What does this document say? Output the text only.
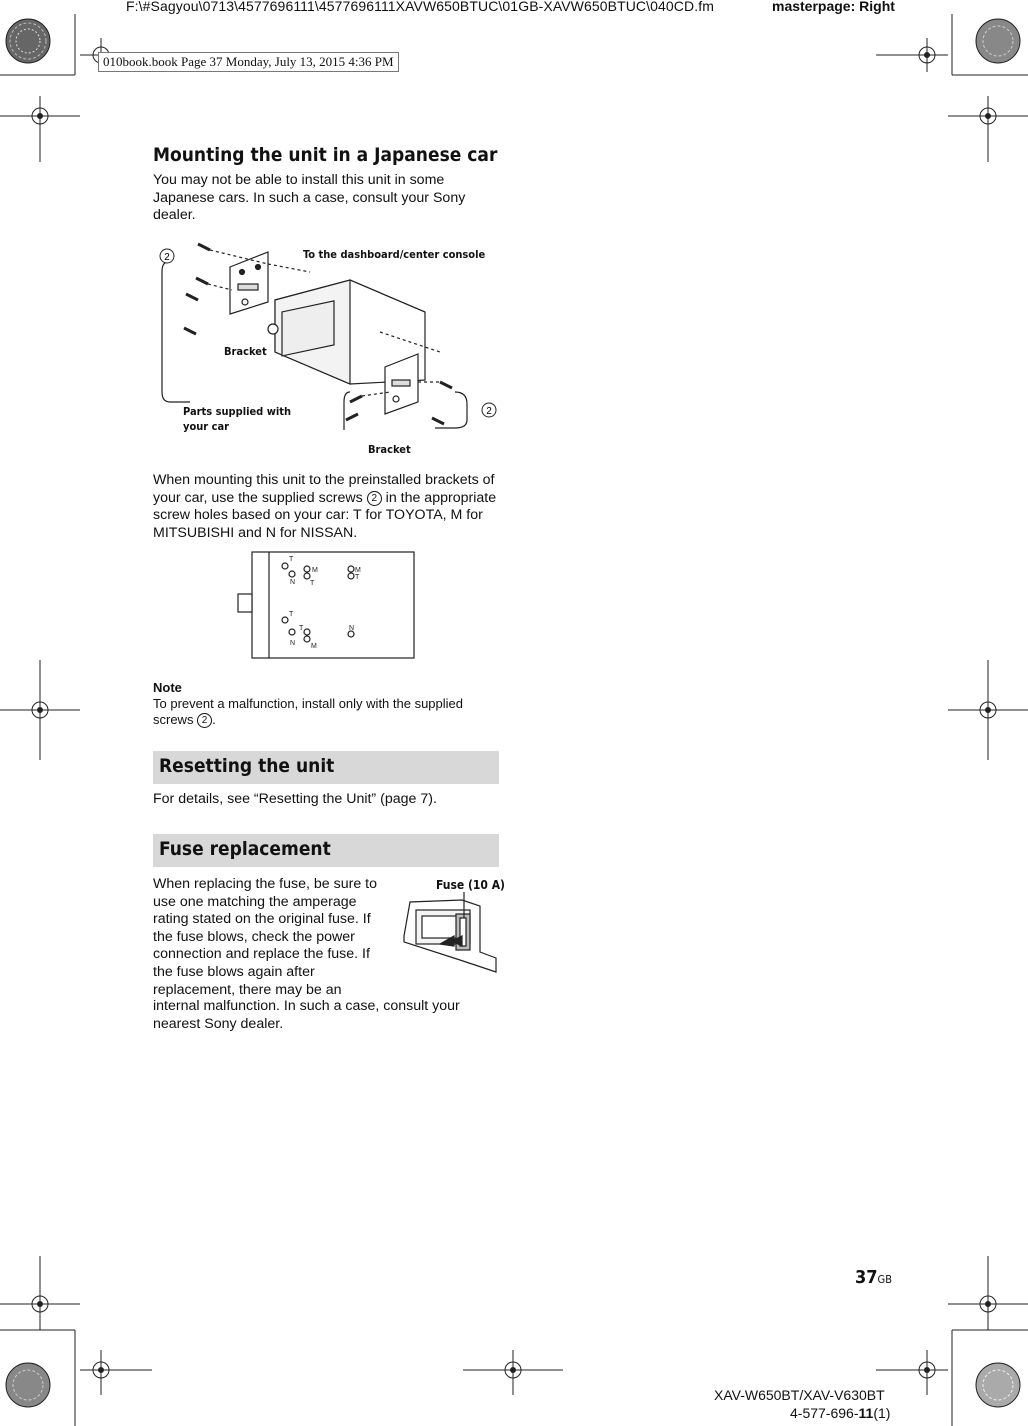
F:\#Sagyou\0713\4577696111\4577696111XAVW650BTUC\01GB-XAVW650BTUC\040CD.fm	masterpage: Right
010book.book Page 37 Monday, July 13, 2015 4:36 PM
Mounting the unit in a Japanese car
You may not be able to install this unit in some Japanese cars. In such a case, consult your Sony dealer.
2
2
To the dashboard/center console
Bracket
Parts supplied with your car
Bracket
When mounting this unit to the preinstalled brackets of your car, use the supplied screws 2 in the appropriate screw holes based on your car: T for TOYOTA, M for MITSUBISHI and N for NISSAN.
T
M
N T
M
T
T
T
N M
N
Note
To prevent a malfunction, install only with the supplied screws 2 .
Resetting the unit
For details, see “Resetting the Unit” (page 7).
Fuse replacement
When replacing the fuse, be sure to use one matching the amperage rating stated on the original fuse. If the fuse blows, check the power connection and replace the fuse. If the fuse blows again after replacement, there may be an
internal malfunction. In such a case, consult your nearest Sony dealer.
Fuse (10 A)
37GB
XAV-W650BT/XAV-V630BT
4-577-696-11(1)
